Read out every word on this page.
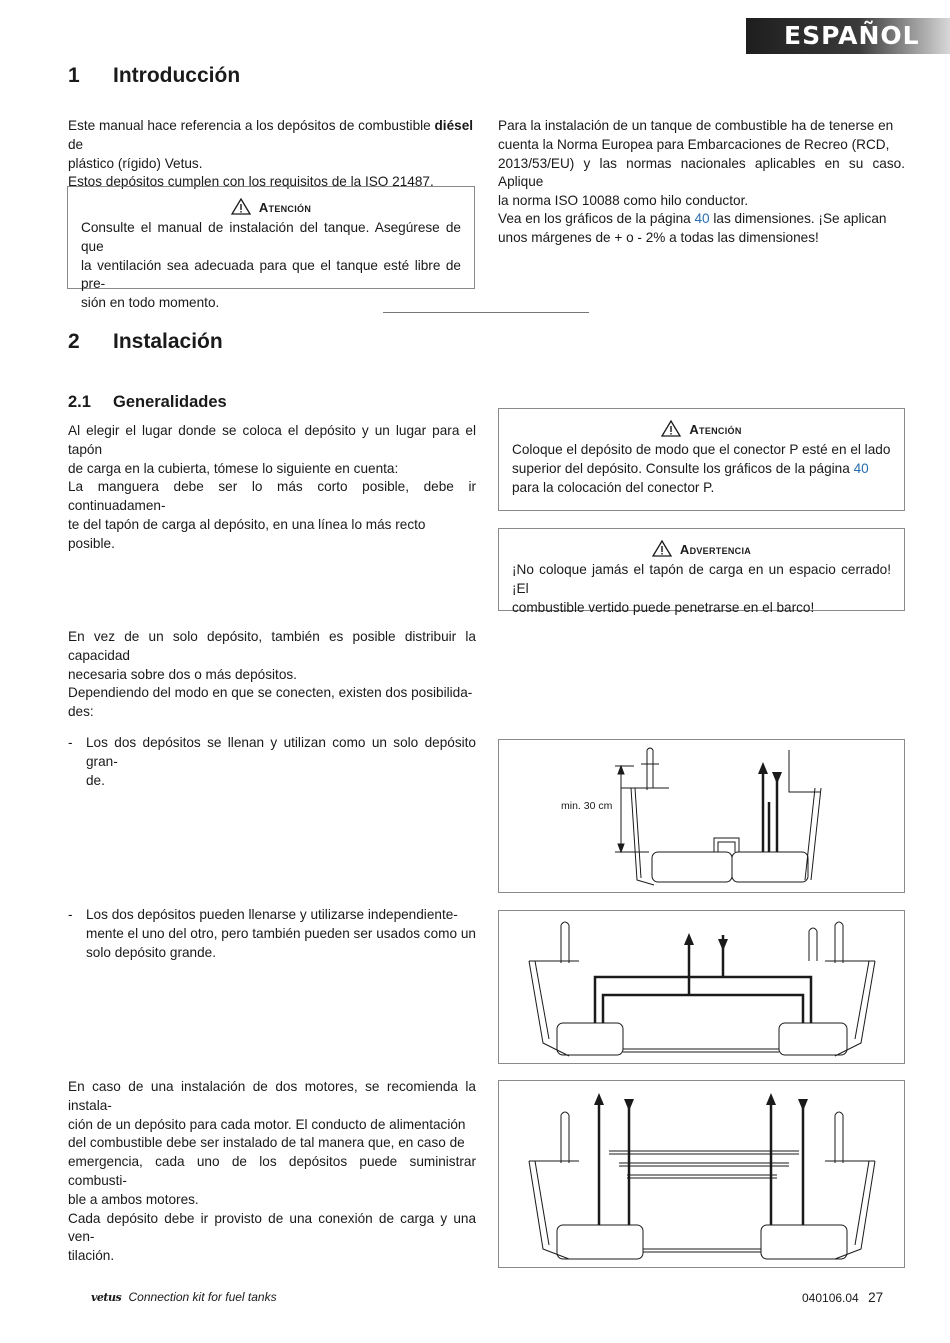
ESPAÑOL
1 Introducción
Este manual hace referencia a los depósitos de combustible diésel de
plástico (rígido) Vetus.
Estos depósitos cumplen con los requisitos de la ISO 21487.
Atención
Consulte el manual de instalación del tanque. Asegúrese de que
la ventilación sea adecuada para que el tanque esté libre de pre-
sión en todo momento.
Para la instalación de un tanque de combustible ha de tenerse en
cuenta la Norma Europea para Embarcaciones de Recreo (RCD,
2013/53/EU) y las normas nacionales aplicables en su caso. Aplique
la norma ISO 10088 como hilo conductor.
Vea en los gráficos de la página 40 las dimensiones. ¡Se aplican
unos márgenes de + o - 2% a todas las dimensiones!
2 Instalación
2.1 Generalidades
Al elegir el lugar donde se coloca el depósito y un lugar para el tapón
de carga en la cubierta, tómese lo siguiente en cuenta:
La manguera debe ser lo más corto posible, debe ir continuadamen-
te del tapón de carga al depósito, en una línea lo más recto posible.
Atención
Coloque el depósito de modo que el conector P esté en el lado
superior del depósito. Consulte los gráficos de la página 40
para la colocación del conector P.
Advertencia
¡No coloque jamás el tapón de carga en un espacio cerrado! ¡El
combustible vertido puede penetrarse en el barco!
En vez de un solo depósito, también es posible distribuir la capacidad
necesaria sobre dos o más depósitos.
Dependiendo del modo en que se conecten, existen dos posibilida-
des:
- Los dos depósitos se llenan y utilizan como un solo depósito gran-
de.
- Los dos depósitos pueden llenarse y utilizarse independiente-
mente el uno del otro, pero también pueden ser usados como un
solo depósito grande.
En caso de una instalación de dos motores, se recomienda la instala-
ción de un depósito para cada motor. El conducto de alimentación
del combustible debe ser instalado de tal manera que, en caso de
emergencia, cada uno de los depósitos puede suministrar combusti-
ble a ambos motores.
Cada depósito debe ir provisto de una conexión de carga y una ven-
tilación.
min. 30 cm
vetus Connection kit for fuel tanks	040106.04 27
